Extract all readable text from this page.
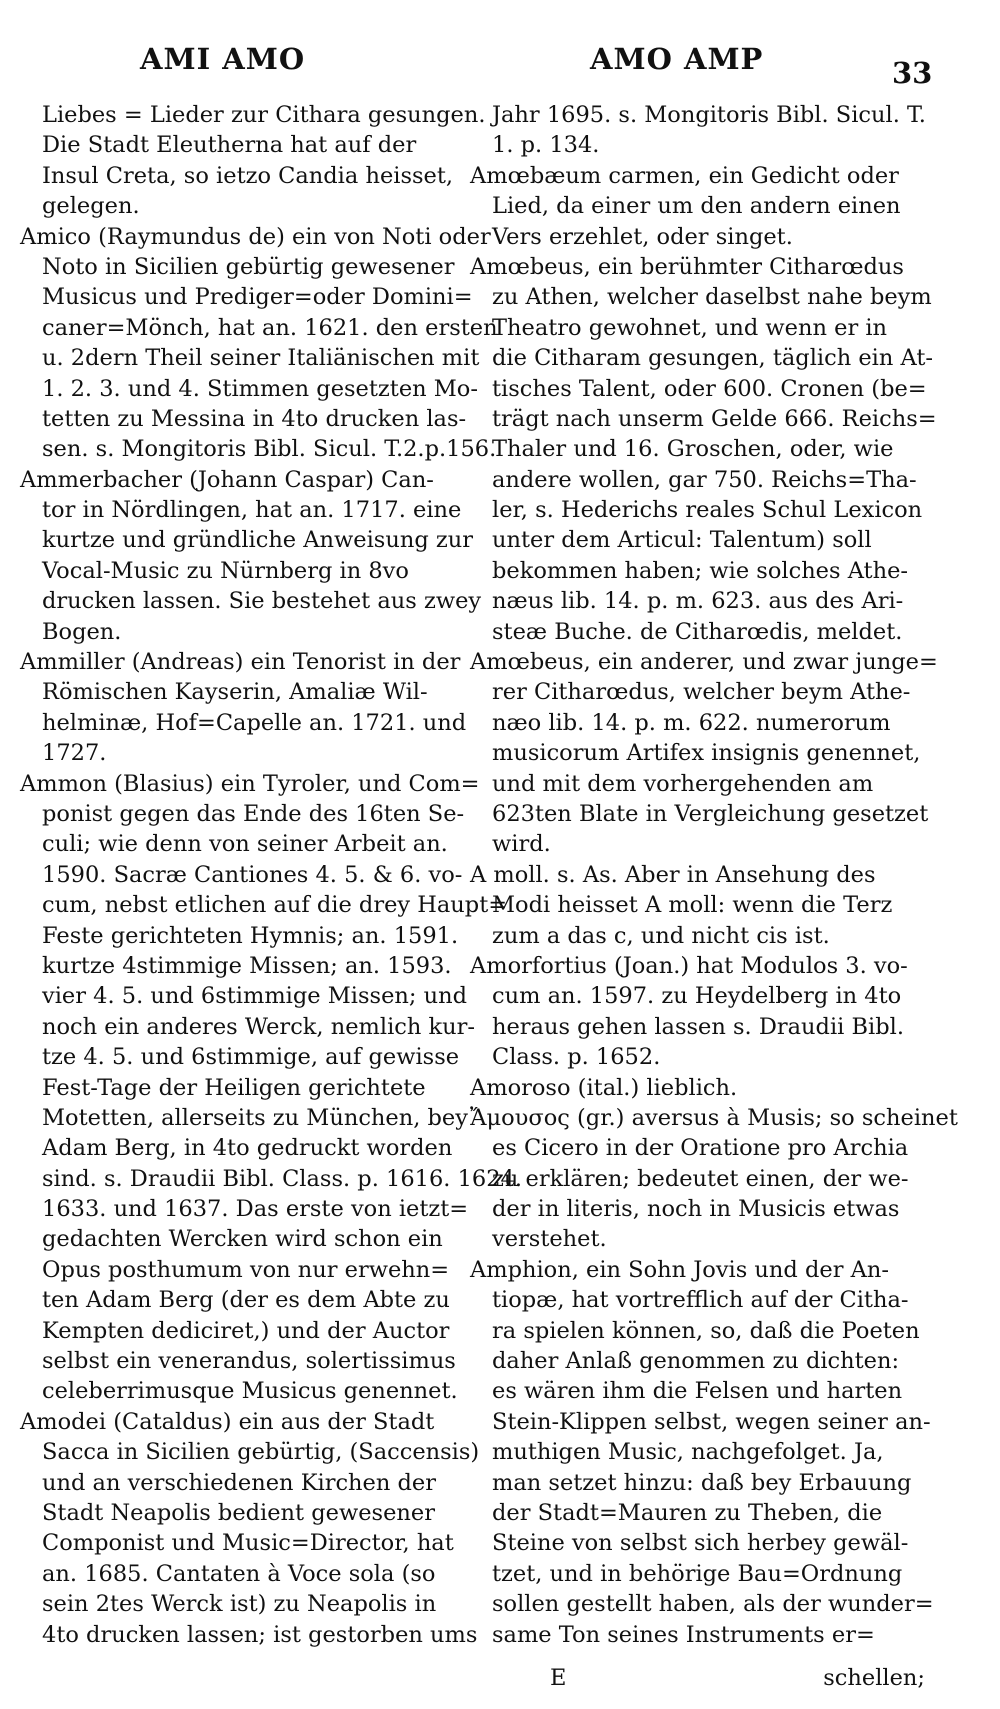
AMI AMO	AMO AMP	33
Liebes = Lieder zur Cithara gesungen.
Die Stadt Eleutherna hat auf der
Insul Creta, so ietzo Candia heisset,
gelegen.
Amico (Raymundus de) ein von Noti oder
Noto in Sicilien gebürtig gewesener
Musicus und Prediger=oder Domini=
caner=Mönch, hat an. 1621. den ersten
u. 2dern Theil seiner Italiänischen mit
1. 2. 3. und 4. Stimmen gesetzten Mo-
tetten zu Messina in 4to drucken las-
sen. s. Mongitoris Bibl. Sicul. T.2.p.156.
Ammerbacher (Johann Caspar) Can-
tor in Nördlingen, hat an. 1717. eine
kurtze und gründliche Anweisung zur
Vocal-Music zu Nürnberg in 8vo
drucken lassen. Sie bestehet aus zwey
Bogen.
Ammiller (Andreas) ein Tenorist in der
Römischen Kayserin, Amaliæ Wil-
helminæ, Hof=Capelle an. 1721. und
1727.
Ammon (Blasius) ein Tyroler, und Com=
ponist gegen das Ende des 16ten Se-
culi; wie denn von seiner Arbeit an.
1590. Sacræ Cantiones 4. 5. & 6. vo-
cum, nebst etlichen auf die drey Haupt=
Feste gerichteten Hymnis; an. 1591.
kurtze 4stimmige Missen; an. 1593.
vier 4. 5. und 6stimmige Missen; und
noch ein anderes Werck, nemlich kur-
tze 4. 5. und 6stimmige, auf gewisse
Fest-Tage der Heiligen gerichtete
Motetten, allerseits zu München, bey
Adam Berg, in 4to gedruckt worden
sind. s. Draudii Bibl. Class. p. 1616. 1624.
1633. und 1637. Das erste von ietzt=
gedachten Wercken wird schon ein
Opus posthumum von nur erwehn=
ten Adam Berg (der es dem Abte zu
Kempten dediciret,) und der Auctor
selbst ein venerandus, solertissimus
celeberrimusque Musicus genennet.
Amodei (Cataldus) ein aus der Stadt
Sacca in Sicilien gebürtig, (Saccensis)
und an verschiedenen Kirchen der
Stadt Neapolis bedient gewesener
Componist und Music=Director, hat
an. 1685. Cantaten à Voce sola (so
sein 2tes Werck ist) zu Neapolis in
4to drucken lassen; ist gestorben ums
Jahr 1695. s. Mongitoris Bibl. Sicul. T.
1. p. 134.
Amœbæum carmen, ein Gedicht oder
Lied, da einer um den andern einen
Vers erzehlet, oder singet.
Amœbeus, ein berühmter Citharœdus
zu Athen, welcher daselbst nahe beym
Theatro gewohnet, und wenn er in
die Citharam gesungen, täglich ein At-
tisches Talent, oder 600. Cronen (be=
trägt nach unserm Gelde 666. Reichs=
Thaler und 16. Groschen, oder, wie
andere wollen, gar 750. Reichs=Tha-
ler, s. Hederichs reales Schul Lexicon
unter dem Articul: Talentum) soll
bekommen haben; wie solches Athe-
næus lib. 14. p. m. 623. aus des Ari-
steæ Buche. de Citharœdis, meldet.
Amœbeus, ein anderer, und zwar junge=
rer Citharœdus, welcher beym Athe-
næo lib. 14. p. m. 622. numerorum
musicorum Artifex insignis genennet,
und mit dem vorhergehenden am
623ten Blate in Vergleichung gesetzet
wird.
A moll. s. As. Aber in Ansehung des
Modi heisset A moll: wenn die Terz
zum a das c, und nicht cis ist.
Amorfortius (Joan.) hat Modulos 3. vo-
cum an. 1597. zu Heydelberg in 4to
heraus gehen lassen s. Draudii Bibl.
Class. p. 1652.
Amoroso (ital.) lieblich.
Ἄμουσος (gr.) aversus à Musis; so scheinet
es Cicero in der Oratione pro Archia
zu erklären; bedeutet einen, der we-
der in literis, noch in Musicis etwas
verstehet.
Amphion, ein Sohn Jovis und der An-
tiopæ, hat vortrefflich auf der Citha-
ra spielen können, so, daß die Poeten
daher Anlaß genommen zu dichten:
es wären ihm die Felsen und harten
Stein-Klippen selbst, wegen seiner an-
muthigen Music, nachgefolget. Ja,
man setzet hinzu: daß bey Erbauung
der Stadt=Mauren zu Theben, die
Steine von selbst sich herbey gewäl-
tzet, und in behörige Bau=Ordnung
sollen gestellt haben, als der wunder=
same Ton seines Instruments er=
E	schellen;
